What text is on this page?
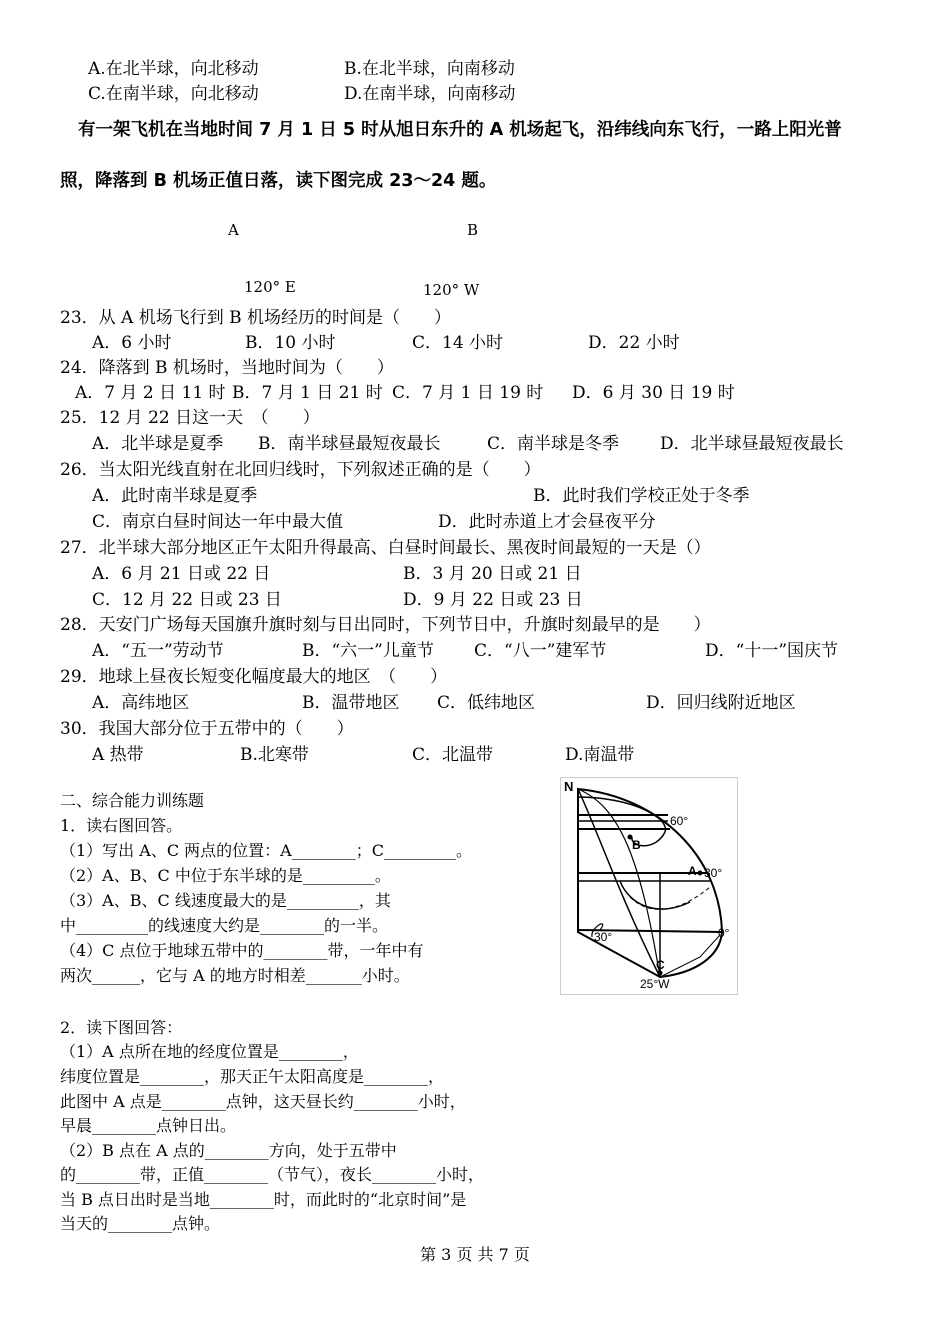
A.在北半球，向北移动	B.在北半球，向南移动
C.在南半球，向北移动	D.在南半球，向南移动
有一架飞机在当地时间 7 月 1 日 5 时从旭日东升的 A 机场起飞，沿纬线向东飞行，一路上阳光普
照，降落到 B 机场正值日落，读下图完成 23～24 题。
A	B
120° E	120° W
23．从 A 机场飞行到 B 机场经历的时间是（　　）
A．6 小时	B．10 小时	C．14 小时	D．22 小时
24．降落到 B 机场时，当地时间为（　　）
A．7 月 2 日 11 时 B．7 月 1 日 21 时 C．7 月 1 日 19 时 D．6 月 30 日 19 时
25．12 月 22 日这一天　（　　）
A．北半球是夏季 B．南半球昼最短夜最长	C．南半球是冬季 D．北半球昼最短夜最长
26．当太阳光线直射在北回归线时，下列叙述正确的是（　　）
A．此时南半球是夏季	B．此时我们学校正处于冬季
C．南京白昼时间达一年中最大值	D．此时赤道上才会昼夜平分
27．北半球大部分地区正午太阳升得最高、白昼时间最长、黑夜时间最短的一天是（）
A．6 月 21 日或 22 日	B．3 月 20 日或 21 日
C．12 月 22 日或 23 日	D．9 月 22 日或 23 日
28．天安门广场每天国旗升旗时刻与日出同时，下列节日中，升旗时刻最早的是　　）
A．“五一”劳动节	B．“六一”儿童节 C．“八一”建军节	D．“十一”国庆节
29．地球上昼夜长短变化幅度最大的地区　（　　）
A．高纬地区	B．温带地区 C．低纬地区	D．回归线附近地区
30．我国大部分位于五带中的（　　）
A 热带	B.北寒带	C．北温带	D.南温带
二、综合能力训练题
1．读右图回答。
（1）写出 A、C 两点的位置：A________；C_________。
（2）A、B、C 中位于东半球的是_________。
（3）A、B、C 线速度最大的是_________，其
中_________的线速度大约是________的一半。
（4）C 点位于地球五带中的________带，一年中有
两次______，它与 A 的地方时相差_______小时。
2．读下图回答：
（1）A 点所在地的经度位置是________，
纬度位置是________，那天正午太阳高度是________，
此图中 A 点是________点钟，这天昼长约________小时，
早晨________点钟日出。
（2）B 点在 A 点的________方向，处于五带中
的________带，正值________（节气），夜长________小时，
当 B 点日出时是当地________时，而此时的“北京时间”是
当天的________点钟。
N
60°
B
A 30°
0°
30°
C
25°W
第 3 页 共 7 页
